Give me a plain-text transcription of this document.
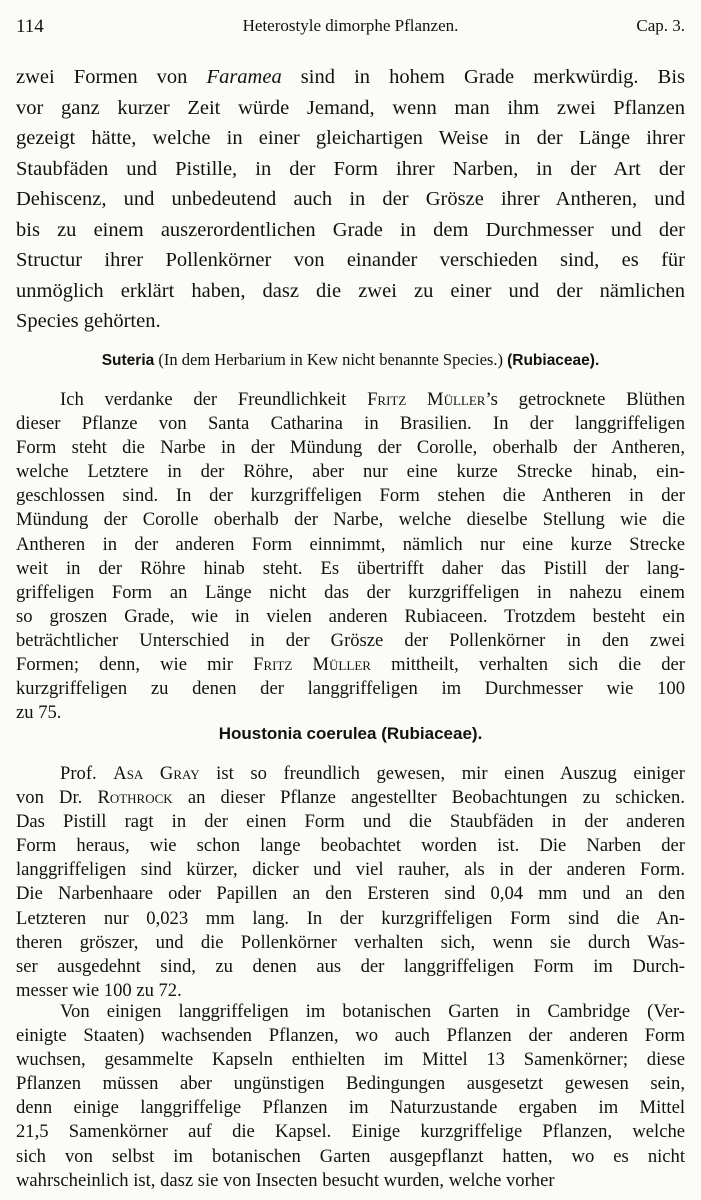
114	Heterostyle dimorphe Pflanzen.	Cap. 3.
zwei Formen von Faramea sind in hohem Grade merkwürdig. Bis
vor ganz kurzer Zeit würde Jemand, wenn man ihm zwei Pflanzen
gezeigt hätte, welche in einer gleichartigen Weise in der Länge ihrer
Staubfäden und Pistille, in der Form ihrer Narben, in der Art der
Dehiscenz, und unbedeutend auch in der Grösze ihrer Antheren, und
bis zu einem auszerordentlichen Grade in dem Durchmesser und der
Structur ihrer Pollenkörner von einander verschieden sind, es für
unmöglich erklärt haben, dasz die zwei zu einer und der nämlichen
Species gehörten.
Suteria (In dem Herbarium in Kew nicht benannte Species.) (Rubiaceae).
Ich verdanke der Freundlichkeit Fritz Müller’s getrocknete Blüthen
dieser Pflanze von Santa Catharina in Brasilien. In der langgriffeligen
Form steht die Narbe in der Mündung der Corolle, oberhalb der Antheren,
welche Letztere in der Röhre, aber nur eine kurze Strecke hinab, ein-
geschlossen sind. In der kurzgriffeligen Form stehen die Antheren in der
Mündung der Corolle oberhalb der Narbe, welche dieselbe Stellung wie die
Antheren in der anderen Form einnimmt, nämlich nur eine kurze Strecke
weit in der Röhre hinab steht. Es übertrifft daher das Pistill der lang-
griffeligen Form an Länge nicht das der kurzgriffeligen in nahezu einem
so groszen Grade, wie in vielen anderen Rubiaceen. Trotzdem besteht ein
beträchtlicher Unterschied in der Grösze der Pollenkörner in den zwei
Formen; denn, wie mir Fritz Müller mittheilt, verhalten sich die der
kurzgriffeligen zu denen der langgriffeligen im Durchmesser wie 100
zu 75.
Houstonia coerulea (Rubiaceae).
Prof. Asa Gray ist so freundlich gewesen, mir einen Auszug einiger
von Dr. Rothrock an dieser Pflanze angestellter Beobachtungen zu schicken.
Das Pistill ragt in der einen Form und die Staubfäden in der anderen
Form heraus, wie schon lange beobachtet worden ist. Die Narben der
langgriffeligen sind kürzer, dicker und viel rauher, als in der anderen Form.
Die Narbenhaare oder Papillen an den Ersteren sind 0,04 mm und an den
Letzteren nur 0,023 mm lang. In der kurzgriffeligen Form sind die An-
theren gröszer, und die Pollenkörner verhalten sich, wenn sie durch Was-
ser ausgedehnt sind, zu denen aus der langgriffeligen Form im Durch-
messer wie 100 zu 72.
Von einigen langgriffeligen im botanischen Garten in Cambridge (Ver-
einigte Staaten) wachsenden Pflanzen, wo auch Pflanzen der anderen Form
wuchsen, gesammelte Kapseln enthielten im Mittel 13 Samenkörner; diese
Pflanzen müssen aber ungünstigen Bedingungen ausgesetzt gewesen sein,
denn einige langgriffelige Pflanzen im Naturzustande ergaben im Mittel
21,5 Samenkörner auf die Kapsel. Einige kurzgriffelige Pflanzen, welche
sich von selbst im botanischen Garten ausgepflanzt hatten, wo es nicht
wahrscheinlich ist, dasz sie von Insecten besucht wurden, welche vorher
